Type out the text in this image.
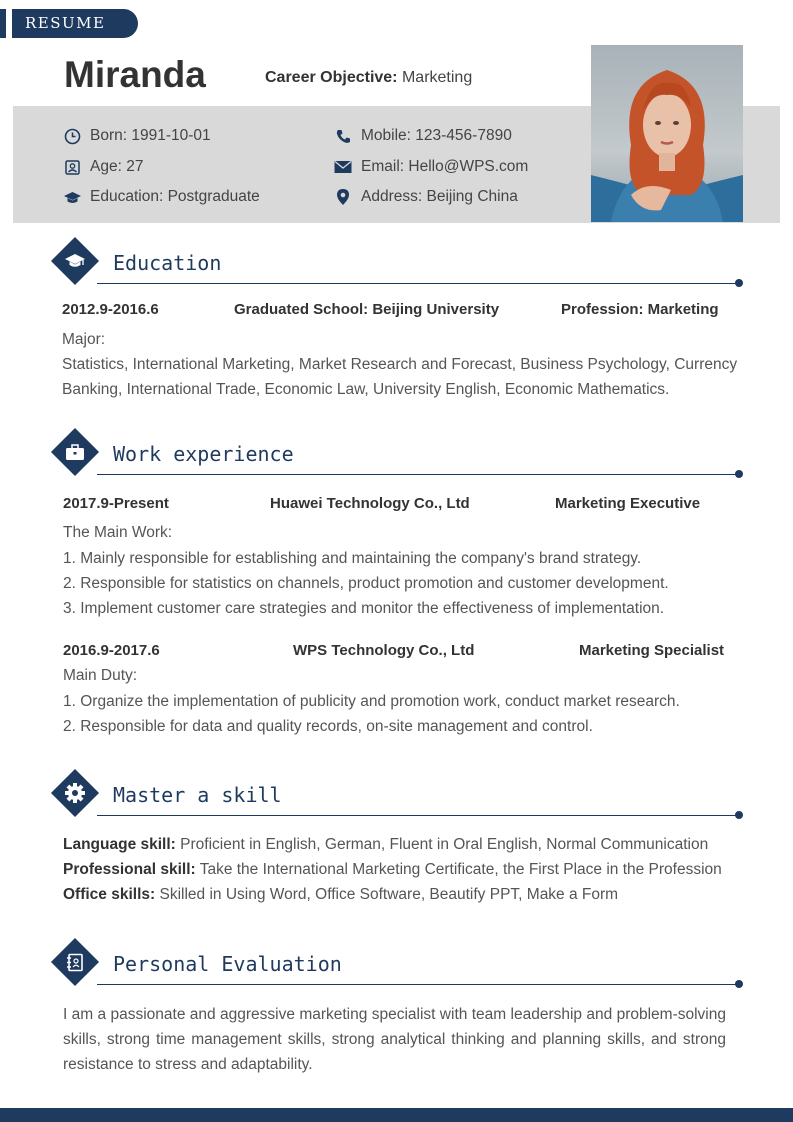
RESUME
Miranda	Career Objective: Marketing
Born:
1991-10-01
Age:
27
Education:
Postgraduate
Mobile:
123-456-7890
Email:
Hello@WPS.com
Address:
Beijing China
Education
2012.9-2016.6	Graduated School: Beijing University	Profession: Marketing
Major:
Statistics, International Marketing, Market Research and Forecast, Business Psychology, Currency
Banking, International Trade, Economic Law, University English, Economic Mathematics.
Work experience
2017.9-Present	Huawei Technology Co., Ltd	Marketing Executive
The Main Work:
1. Mainly responsible for establishing and maintaining the company's brand strategy.
2. Responsible for statistics on channels, product promotion and customer development.
3. Implement customer care strategies and monitor the effectiveness of implementation.
2016.9-2017.6	WPS Technology Co., Ltd	Marketing Specialist
Main Duty:
1. Organize the implementation of publicity and promotion work, conduct market research.
2. Responsible for data and quality records, on-site management and control.
Master a skill
Language skill: Proficient in English, German, Fluent in Oral English, Normal Communication
Professional skill: Take the International Marketing Certificate, the First Place in the Profession
Office skills: Skilled in Using Word, Office Software, Beautify PPT, Make a Form
Personal Evaluation
I am a passionate and aggressive marketing specialist with team leadership and problem-solving skills, strong time management skills, strong analytical thinking and planning skills, and strong resistance to stress and adaptability.
